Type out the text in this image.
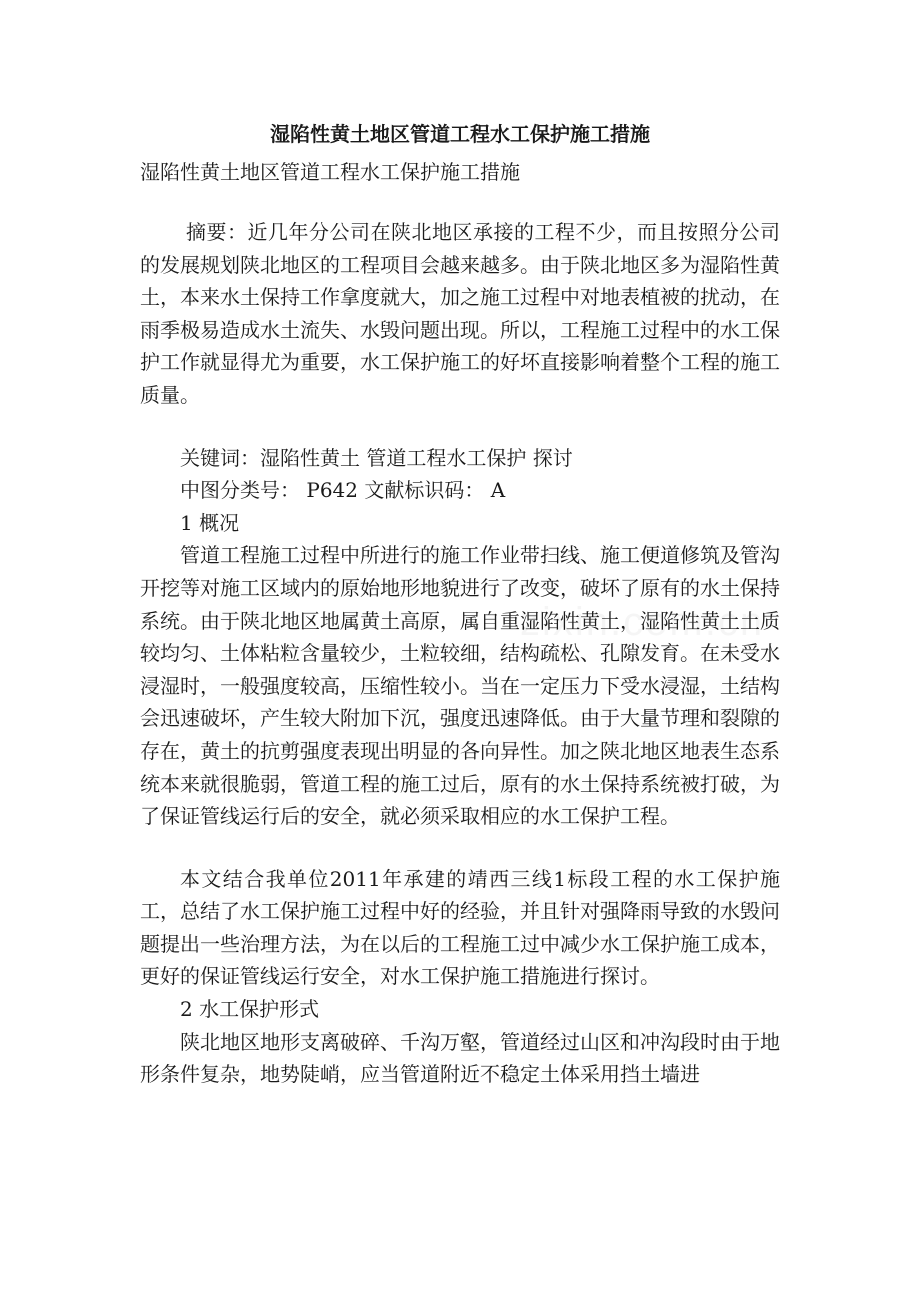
湿陷性黄土地区管道工程水工保护施工措施
湿陷性黄土地区管道工程水工保护施工措施

摘要：近几年分公司在陕北地区承接的工程不少，而且按照分公司的发展规划陕北地区的工程项目会越来越多。由于陕北地区多为湿陷性黄土，本来水土保持工作拿度就大，加之施工过程中对地表植被的扰动，在雨季极易造成水土流失、水毁问题出现。所以，工程施工过程中的水工保护工作就显得尤为重要，水工保护施工的好坏直接影响着整个工程的施工质量。

关键词：湿陷性黄土 管道工程水工保护 探讨

中图分类号： P642 文献标识码： A

1 概况

管道工程施工过程中所进行的施工作业带扫线、施工便道修筑及管沟开挖等对施工区域内的原始地形地貌进行了改变，破坏了原有的水土保持系统。由于陕北地区地属黄土高原，属自重湿陷性黄土，湿陷性黄土土质较均匀、土体粘粒含量较少，土粒较细，结构疏松、孔隙发育。在未受水浸湿时，一般强度较高，压缩性较小。当在一定压力下受水浸湿，土结构会迅速破坏，产生较大附加下沉，强度迅速降低。由于大量节理和裂隙的存在，黄土的抗剪强度表现出明显的各向异性。加之陕北地区地表生态系统本来就很脆弱，管道工程的施工过后，原有的水土保持系统被打破，为了保证管线运行后的安全，就必须采取相应的水工保护工程。

本文结合我单位2011年承建的靖西三线1标段工程的水工保护施工，总结了水工保护施工过程中好的经验，并且针对强降雨导致的水毁问题提出一些治理方法，为在以后的工程施工过中减少水工保护施工成本，更好的保证管线运行安全，对水工保护施工措施进行探讨。

2 水工保护形式

陕北地区地形支离破碎、千沟万壑，管道经过山区和冲沟段时由于地形条件复杂，地势陡峭，应当管道附近不稳定土体采用挡土墙进
